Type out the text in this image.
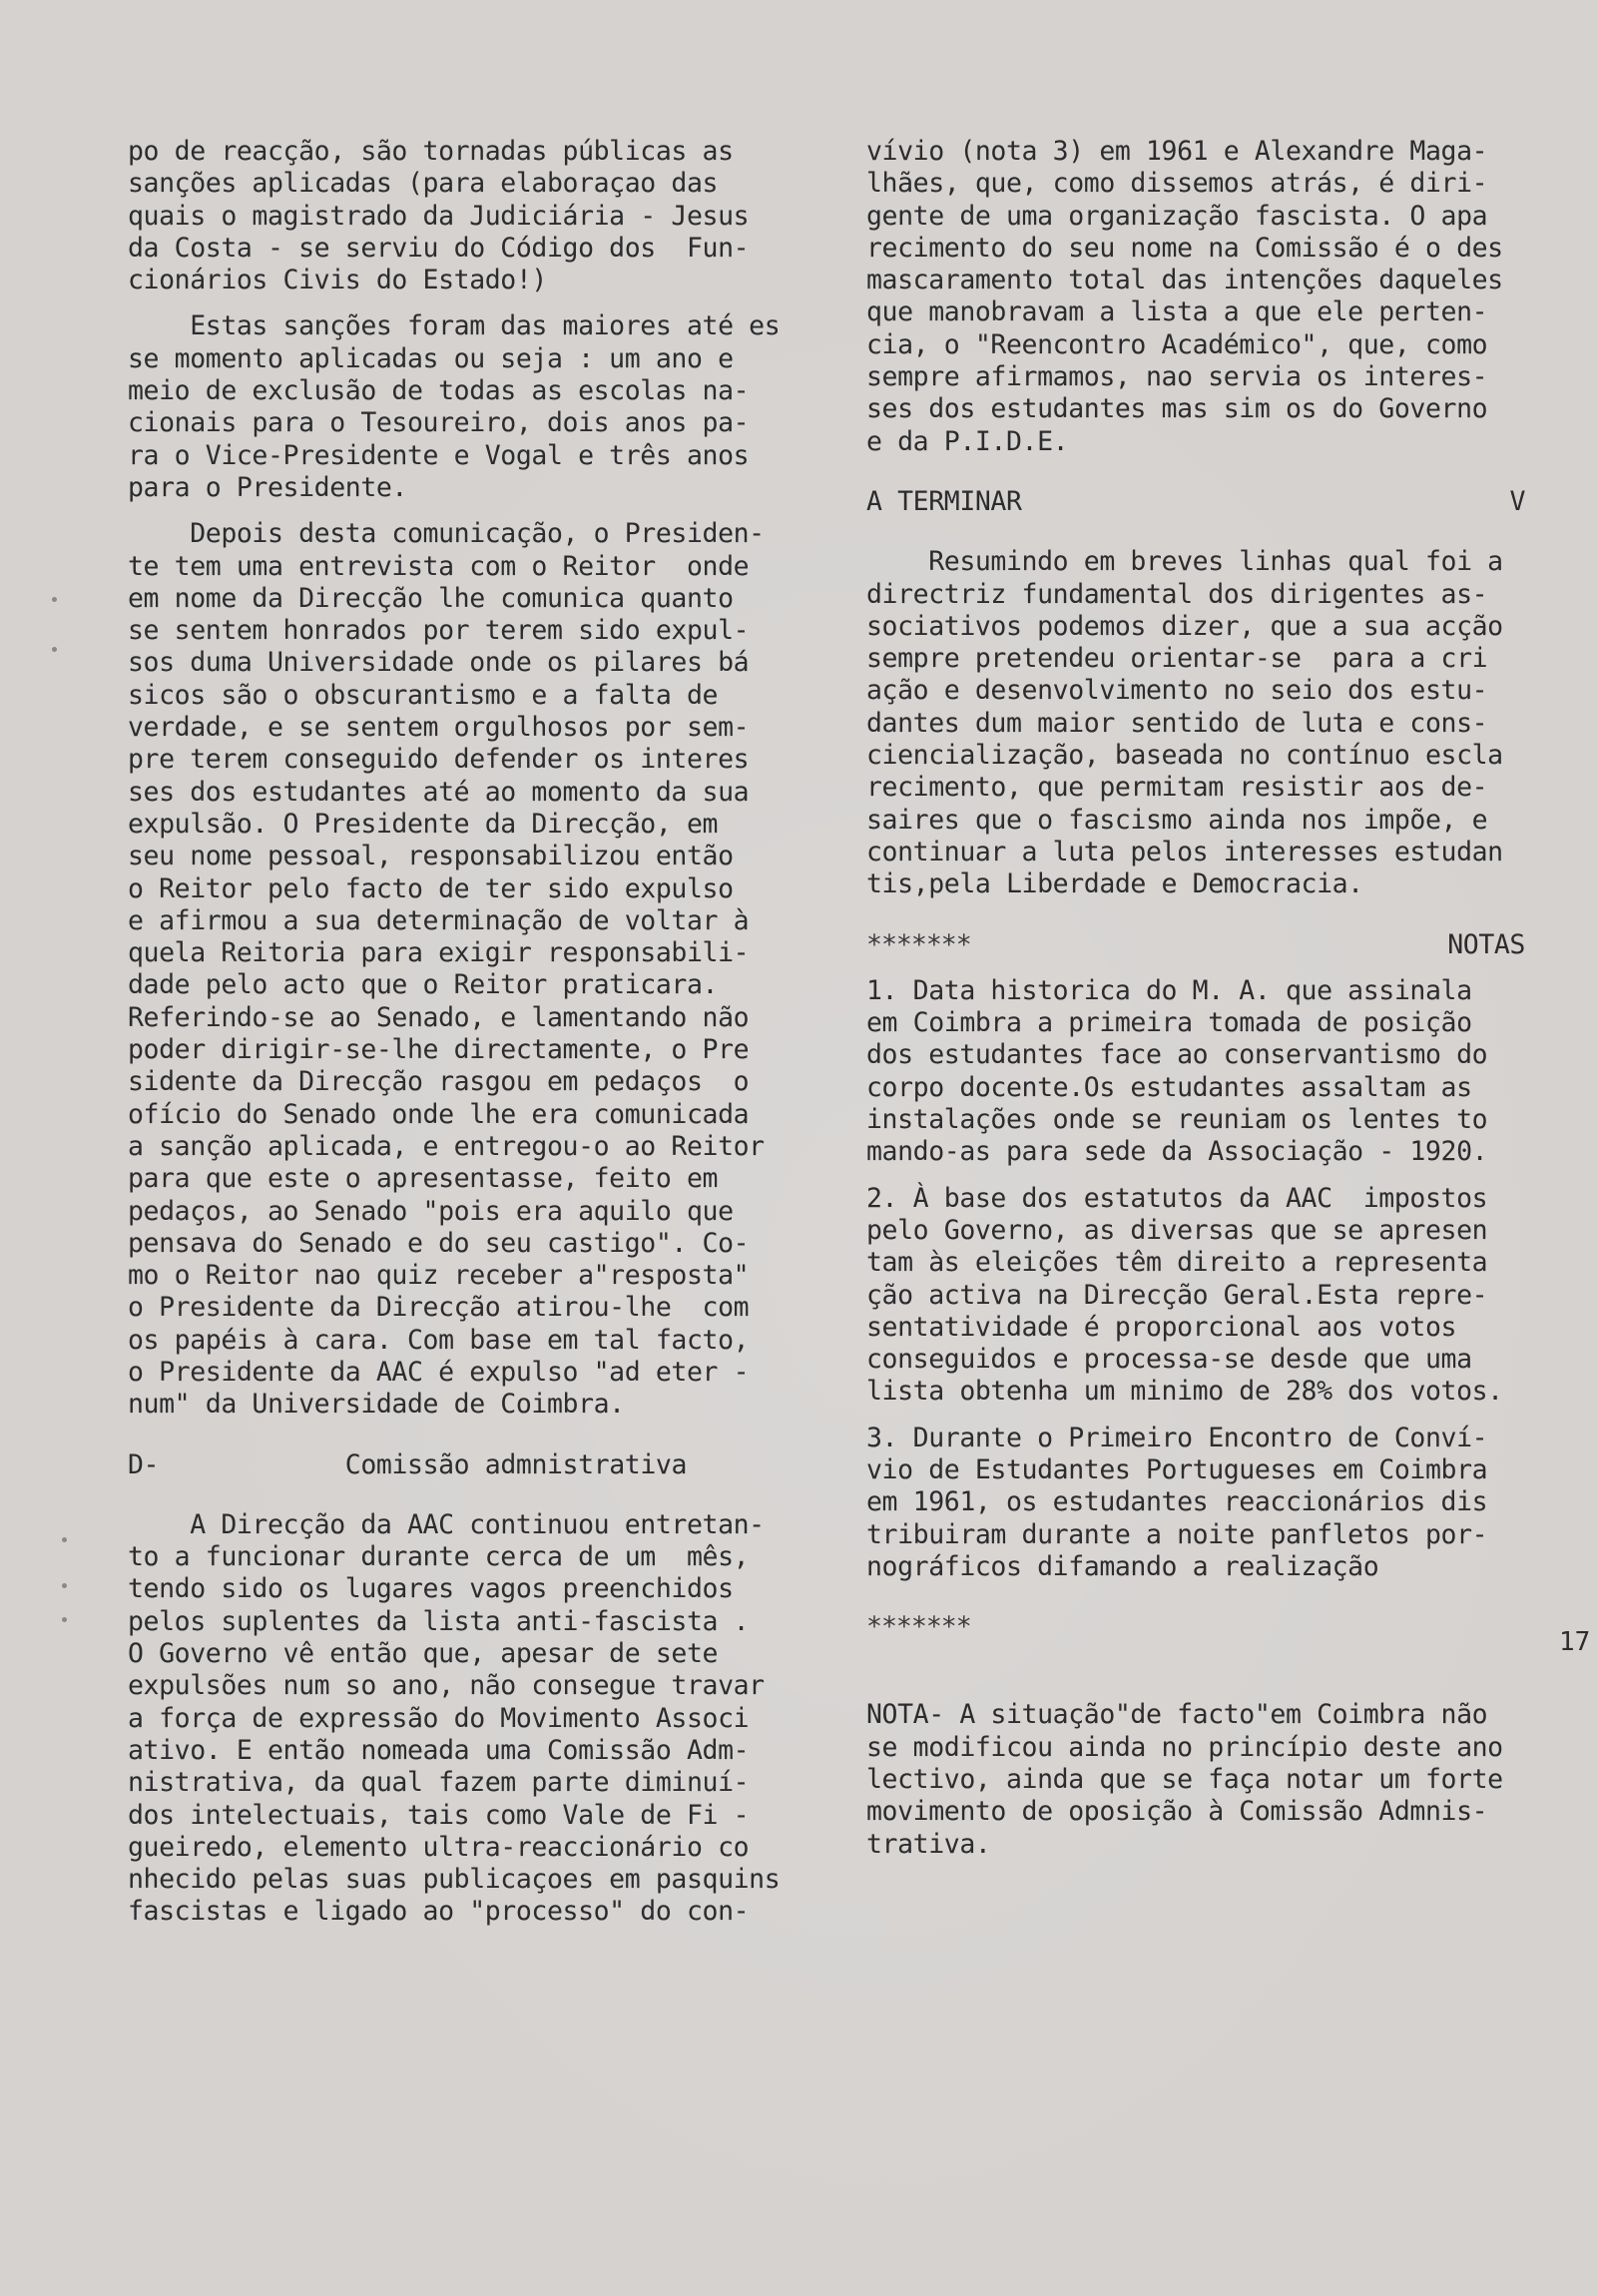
po de reacção, são tornadas públicas as
sanções aplicadas (para elaboraçao das
quais o magistrado da Judiciária - Jesus
da Costa - se serviu do Código dos  Fun-
cionários Civis do Estado!)
Estas sanções foram das maiores até es
se momento aplicadas ou seja : um ano e
meio de exclusão de todas as escolas na-
cionais para o Tesoureiro, dois anos pa-
ra o Vice-Presidente e Vogal e três anos
para o Presidente.
Depois desta comunicação, o Presiden-
te tem uma entrevista com o Reitor  onde
em nome da Direcção lhe comunica quanto
se sentem honrados por terem sido expul-
sos duma Universidade onde os pilares bá
sicos são o obscurantismo e a falta de
verdade, e se sentem orgulhosos por sem-
pre terem conseguido defender os interes
ses dos estudantes até ao momento da sua
expulsão. O Presidente da Direcção, em
seu nome pessoal, responsabilizou então
o Reitor pelo facto de ter sido expulso
e afirmou a sua determinação de voltar à
quela Reitoria para exigir responsabili-
dade pelo acto que o Reitor praticara.
Referindo-se ao Senado, e lamentando não
poder dirigir-se-lhe directamente, o Pre
sidente da Direcção rasgou em pedaços  o
ofício do Senado onde lhe era comunicada
a sanção aplicada, e entregou-o ao Reitor
para que este o apresentasse, feito em
pedaços, ao Senado "pois era aquilo que
pensava do Senado e do seu castigo". Co-
mo o Reitor nao quiz receber a"resposta"
o Presidente da Direcção atirou-lhe  com
os papéis à cara. Com base em tal facto,
o Presidente da AAC é expulso "ad eter -
num" da Universidade de Coimbra.
D-	Comissão admnistrativa
A Direcção da AAC continuou entretan-
to a funcionar durante cerca de um  mês,
tendo sido os lugares vagos preenchidos
pelos suplentes da lista anti-fascista .
O Governo vê então que, apesar de sete
expulsões num so ano, não consegue travar
a força de expressão do Movimento Associ
ativo. E então nomeada uma Comissão Adm-
nistrativa, da qual fazem parte diminuí-
dos intelectuais, tais como Vale de Fi -
gueiredo, elemento ultra-reaccionário co
nhecido pelas suas publicaçoes em pasquins
fascistas e ligado ao "processo" do con-
vívio (nota 3) em 1961 e Alexandre Maga-
lhães, que, como dissemos atrás, é diri-
gente de uma organização fascista. O apa
recimento do seu nome na Comissão é o des
mascaramento total das intenções daqueles
que manobravam a lista a que ele perten-
cia, o "Reencontro Académico", que, como
sempre afirmamos, nao servia os interes-
ses dos estudantes mas sim os do Governo
e da P.I.D.E.
A TERMINAR	V
Resumindo em breves linhas qual foi a
directriz fundamental dos dirigentes as-
sociativos podemos dizer, que a sua acção
sempre pretendeu orientar-se  para a cri
ação e desenvolvimento no seio dos estu-
dantes dum maior sentido de luta e cons-
ciencialização, baseada no contínuo escla
recimento, que permitam resistir aos de-
saires que o fascismo ainda nos impõe, e
continuar a luta pelos interesses estudan
tis,pela Liberdade e Democracia.
*******	NOTAS
1. Data historica do M. A. que assinala
em Coimbra a primeira tomada de posição
dos estudantes face ao conservantismo do
corpo docente.Os estudantes assaltam as
instalações onde se reuniam os lentes to
mando-as para sede da Associação - 1920.
2. À base dos estatutos da AAC  impostos
pelo Governo, as diversas que se apresen
tam às eleições têm direito a representa
ção activa na Direcção Geral.Esta repre-
sentatividade é proporcional aos votos
conseguidos e processa-se desde que uma
lista obtenha um minimo de 28% dos votos.
3. Durante o Primeiro Encontro de Conví-
vio de Estudantes Portugueses em Coimbra
em 1961, os estudantes reaccionários dis
tribuiram durante a noite panfletos por-
nográficos difamando a realização
*******
NOTA- A situação"de facto"em Coimbra não
se modificou ainda no princípio deste ano
lectivo, ainda que se faça notar um forte
movimento de oposição à Comissão Admnis-
trativa.
17
